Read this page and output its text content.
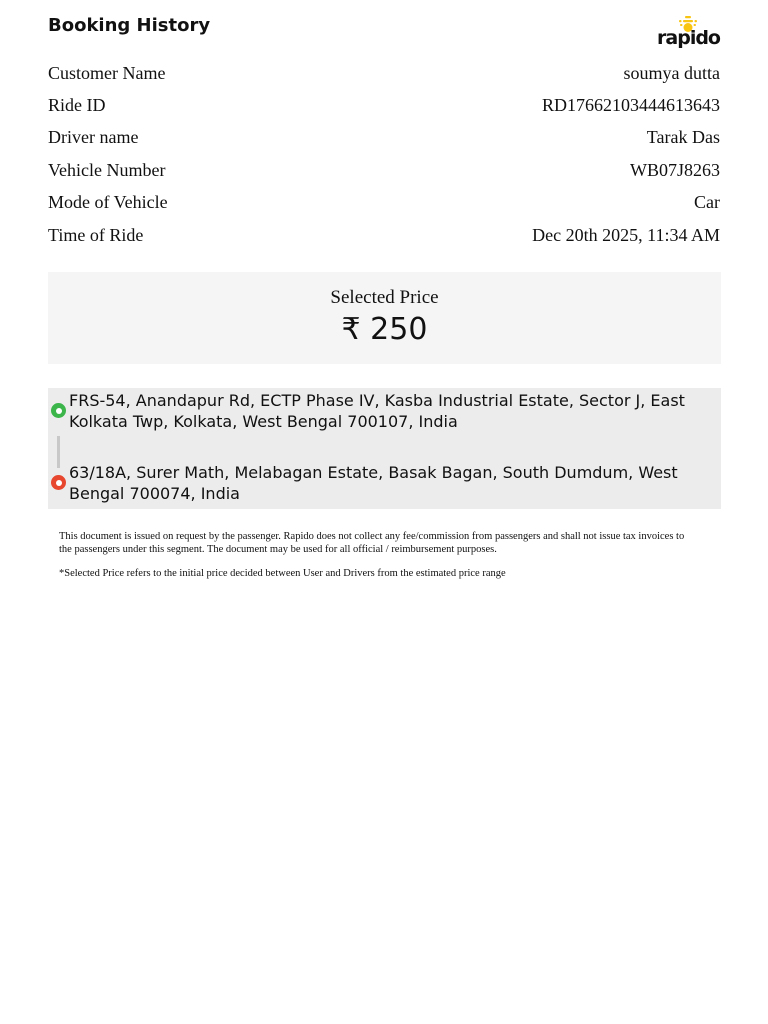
Booking History
rapido
Customer Name	soumya dutta
Ride ID	RD17662103444613643
Driver name	Tarak Das
Vehicle Number	WB07J8263
Mode of Vehicle	Car
Time of Ride	Dec 20th 2025, 11:34 AM
Selected Price
₹ 250
FRS-54, Anandapur Rd, ECTP Phase IV, Kasba Industrial Estate, Sector J, East Kolkata Twp, Kolkata, West Bengal 700107, India
63/18A, Surer Math, Melabagan Estate, Basak Bagan, South Dumdum, West Bengal 700074, India
This document is issued on request by the passenger. Rapido does not collect any fee/commission from passengers and shall not issue tax invoices to the passengers under this segment. The document may be used for all official / reimbursement purposes.
*Selected Price refers to the initial price decided between User and Drivers from the estimated price range
